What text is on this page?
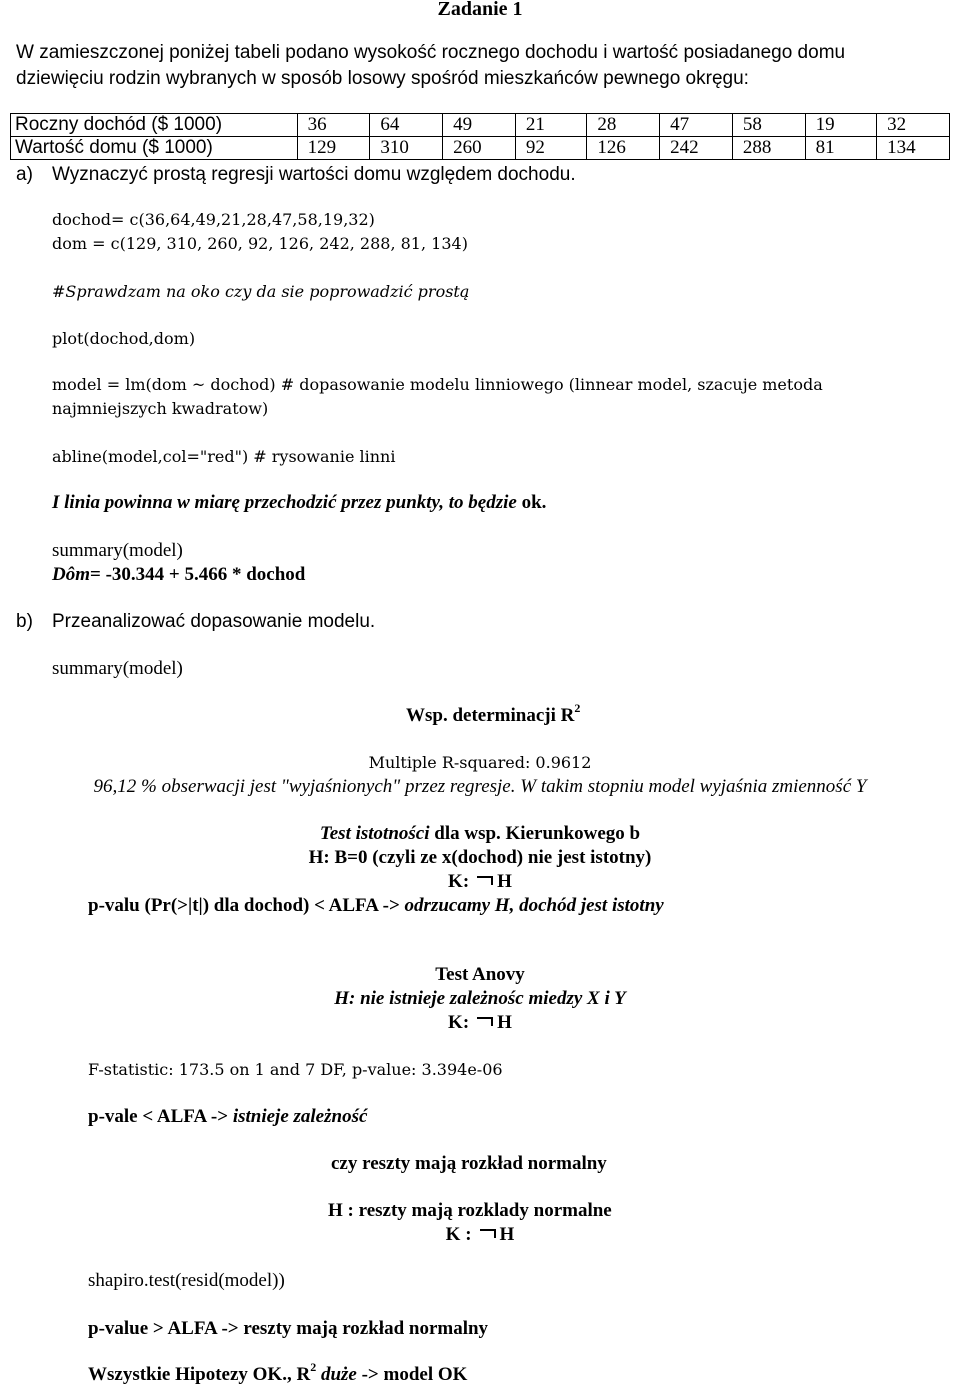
Zadanie 1
W zamieszczonej poniżej tabeli podano wysokość rocznego dochodu i wartość posiadanego domu dziewięciu rodzin wybranych w sposób losowy spośród mieszkańców pewnego okręgu:
Roczny dochód ($ 1000)	36	64	49	21	28	47	58	19	32
Wartość domu ($ 1000)	129	310	260	92	126	242	288	81	134
a) Wyznaczyć prostą regresji wartości domu względem dochodu.
dochod= c(36,64,49,21,28,47,58,19,32)
dom = c(129, 310, 260, 92, 126, 242, 288, 81, 134)
#Sprawdzam na oko czy da sie poprowadzić prostą
plot(dochod,dom)
model = lm(dom ~ dochod) # dopasowanie modelu linniowego (linnear model, szacuje metoda
najmniejszych kwadratow)
abline(model,col="red") # rysowanie linni
I linia powinna w miarę przechodzić przez punkty, to będzie ok.
summary(model)
Dôm= -30.344 + 5.466 * dochod
b) Przeanalizować dopasowanie modelu.
summary(model)
Wsp. determinacji $R^2$
Multiple R-squared: 0.9612
96,12 % obserwacji jest "wyjaśnionych" przez regresje. W takim stopniu model wyjaśnia zmienność Y
Test istotności dla wsp. Kierunkowego b
H: B=0 (czyli ze x(dochod) nie jest istotny)
K: H
p-valu (Pr(>|t|) dla dochod) < ALFA -> odrzucamy H, dochód jest istotny
Test Anovy
H: nie istnieje zależnośc miedzy X i Y
K: H
F-statistic: 173.5 on 1 and 7 DF, p-value: 3.394e-06
p-vale < ALFA -> istnieje zależność
czy reszty mają rozkład normalny
H : reszty mają rozklady normalne
K : H
shapiro.test(resid(model))
p-value > ALFA -> reszty mają rozkład normalny
Wszystkie Hipotezy OK., $R^2$ duże -> model OK
